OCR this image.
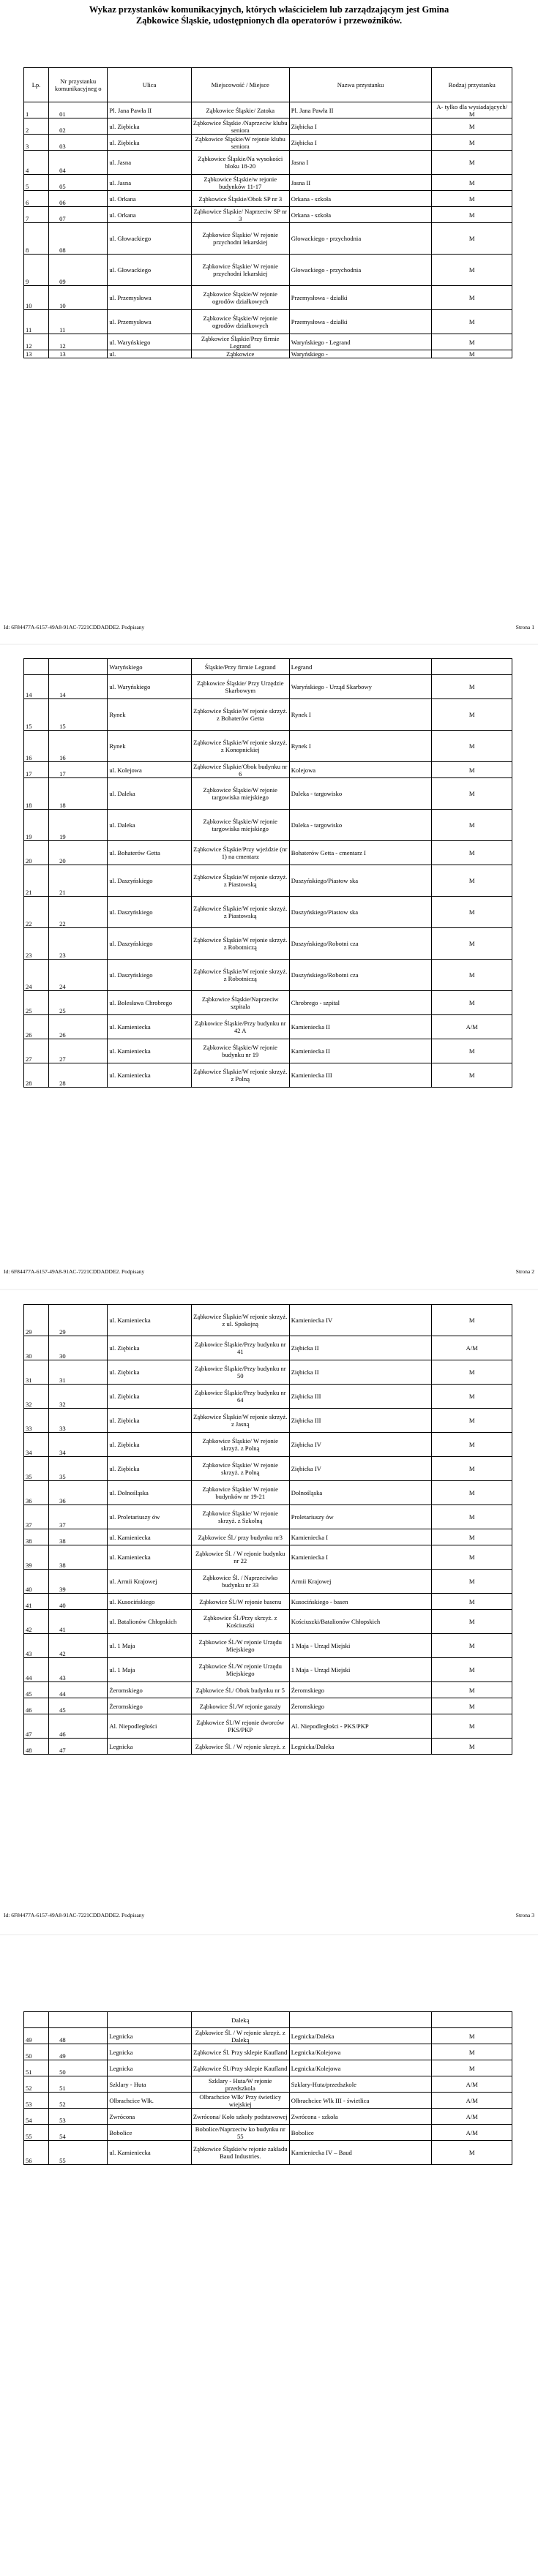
Wykaz przystanków komunikacyjnych, których właścicielem lub zarządzającym jest Gmina
Ząbkowice Śląskie, udostępnionych dla operatorów i przewoźników.
Lp.	Nr przystanku komunikacyjneg o	Ulica	Miejscowość / Miejsce	Nazwa przystanku	Rodzaj przystanku
1	01	Pl. Jana Pawła II	Ząbkowice Śląskie/ Zatoka	Pl. Jana Pawła II	A- tylko dla wysiadających/ M
2	02	ul. Ziębicka	Ząbkowice Śląskie /Naprzeciw klubu seniora	Ziębicka I	M
3	03	ul. Ziębicka	Ząbkowice Śląskie/W rejonie klubu seniora	Ziębicka I	M
4	04	ul. Jasna	Ząbkowice Śląskie/Na wysokości bloku 18-20	Jasna I	M
5	05	ul. Jasna	Ząbkowice Śląskie/w rejonie budynków 11-17	Jasna II	M
6	06	ul. Orkana	Ząbkowice Śląskie/Obok SP nr 3	Orkana - szkoła	M
7	07	ul. Orkana	Ząbkowice Śląskie/ Naprzeciw SP nr 3	Orkana - szkoła	M
8	08	ul. Głowackiego	Ząbkowice Śląskie/ W rejonie przychodni lekarskiej	Głowackiego - przychodnia	M
9	09	ul. Głowackiego	Ząbkowice Śląskie/ W rejonie przychodni lekarskiej	Głowackiego - przychodnia	M
10	10	ul. Przemysłowa	Ząbkowice Śląskie/W rejonie ogrodów działkowych	Przemysłowa - działki	M
11	11	ul. Przemysłowa	Ząbkowice Śląskie/W rejonie ogrodów działkowych	Przemysłowa - działki	M
12	12	ul. Waryńskiego	Ząbkowice Śląskie/Przy firmie Legrand	Waryńskiego - Legrand	M
13	13	ul.	Ząbkowice	Waryńskiego -	M
Id: 6F84477A-6157-49A8-91AC-7221CDDADDE2. Podpisany	Strona 1
		Waryńskiego	Śląskie/Przy firmie Legrand	Legrand	
14	14	ul. Waryńskiego	Ząbkowice Śląskie/ Przy Urzędzie Skarbowym	Waryńskiego - Urząd Skarbowy	M
15	15	Rynek	Ząbkowice Śląskie/W rejonie skrzyż. z Bohaterów Getta	Rynek I	M
16	16	Rynek	Ząbkowice Śląskie/W rejonie skrzyż. z Konopnickiej	Rynek I	M
17	17	ul. Kolejowa	Ząbkowice Śląskie/Obok budynku nr 6	Kolejowa	M
18	18	ul. Daleka	Ząbkowice Śląskie/W rejonie targowiska miejskiego	Daleka - targowisko	M
19	19	ul. Daleka	Ząbkowice Śląskie/W rejonie targowiska miejskiego	Daleka - targowisko	M
20	20	ul. Bohaterów Getta	Ząbkowice Śląskie/Przy wjeździe (nr 1) na cmentarz	Bohaterów Getta - cmentarz I	M
21	21	ul. Daszyńskiego	Ząbkowice Śląskie/W rejonie skrzyż. z Piastowską	Daszyńskiego/Piastow ska	M
22	22	ul. Daszyńskiego	Ząbkowice Śląskie/W rejonie skrzyż. z Piastowską	Daszyńskiego/Piastow ska	M
23	23	ul. Daszyńskiego	Ząbkowice Śląskie/W rejonie skrzyż. z Robotniczą	Daszyńskiego/Robotni cza	M
24	24	ul. Daszyńskiego	Ząbkowice Śląskie/W rejonie skrzyż. z Robotniczą	Daszyńskiego/Robotni cza	M
25	25	ul. Bolesława Chrobrego	Ząbkowice Śląskie/Naprzeciw szpitala	Chrobrego - szpital	M
26	26	ul. Kamieniecka	Ząbkowice Śląskie/Przy budynku nr 42 A	Kamieniecka II	A/M
27	27	ul. Kamieniecka	Ząbkowice Śląskie/W rejonie budynku nr 19	Kamieniecka II	M
28	28	ul. Kamieniecka	Ząbkowice Śląskie/W rejonie skrzyż. z Polną	Kamieniecka III	M
Id: 6F84477A-6157-49A8-91AC-7221CDDADDE2. Podpisany	Strona 2
29	29	ul. Kamieniecka	Ząbkowice Śląskie/W rejonie skrzyż. z ul. Spokojną	Kamieniecka IV	M
30	30	ul. Ziębicka	Ząbkowice Śląskie/Przy budynku nr 41	Ziębicka II	A/M
31	31	ul. Ziębicka	Ząbkowice Śląskie/Przy budynku nr 50	Ziębicka II	M
32	32	ul. Ziębicka	Ząbkowice Śląskie/Przy budynku nr 64	Ziębicka III	M
33	33	ul. Ziębicka	Ząbkowice Śląskie/W rejonie skrzyż. z Jasną	Ziębicka III	M
34	34	ul. Ziębicka	Ząbkowice Śląskie/ W rejonie skrzyż. z Polną	Ziębicka IV	M
35	35	ul. Ziębicka	Ząbkowice Śląskie/ W rejonie skrzyż. z Polną	Ziębicka IV	M
36	36	ul. Dolnośląska	Ząbkowice Śląskie/ W rejonie budynków nr 19-21	Dolnośląska	M
37	37	ul. Proletariuszy ów	Ząbkowice Śląskie/ W rejonie skrzyż. z Szkolną	Proletariuszy ów	M
38	38	ul. Kamieniecka	Ząbkowice Śl./ przy budynku nr3	Kamieniecka I	M
39	38	ul. Kamieniecka	Ząbkowice Śl. / W rejonie budynku nr 22	Kamieniecka I	M
40	39	ul. Armii Krajowej	Ząbkowice Śl. / Naprzeciwko budynku nr 33	Armii Krajowej	M
41	40	ul. Kusocińskiego	Ząbkowice Śl./W rejonie basenu	Kusocińskiego - basen	M
42	41	ul. Batalionów Chłopskich	Ząbkowice Śl./Przy skrzyż. z Kościuszki	Kościuszki/Batalionów Chłopskich	M
43	42	ul. 1 Maja	Ząbkowice Śl./W rejonie Urzędu Miejskiego	1 Maja - Urząd Miejski	M
44	43	ul. 1 Maja	Ząbkowice Śl./W rejonie Urzędu Miejskiego	1 Maja - Urząd Miejski	M
45	44	Żeromskiego	Ząbkowice Śl./ Obok budynku nr 5	Żeromskiego	M
46	45	Żeromskiego	Ząbkowice Śl./W rejonie garaży	Żeromskiego	M
47	46	Al. Niepodległości	Ząbkowice Śl./W rejonie dworców PKS/PKP	Al. Niepodległości - PKS/PKP	M
48	47	Legnicka	Ząbkowice Śl. / W rejonie skrzyż. z	Legnicka/Daleka	M
Id: 6F84477A-6157-49A8-91AC-7221CDDADDE2. Podpisany	Strona 3
			Daleką		
49	48	Legnicka	Ząbkowice Śl. / W rejonie skrzyż. z Daleką	Legnicka/Daleka	M
50	49	Legnicka	Ząbkowice Śl. Przy sklepie Kaufland	Legnicka/Kolejowa	M
51	50	Legnicka	Ząbkowice Śl./Przy sklepie Kaufland	Legnicka/Kolejowa	M
52	51	Szklary - Huta	Szklary - Huta/W rejonie przedszkola	Szklary-Huta/przedszkole	A/M
53	52	Olbrachcice Wlk.	Olbrachcice Wlk/ Przy świetlicy wiejskiej	Olbrachcice Wlk III - świetlica	A/M
54	53	Zwrócona	Zwrócona/ Koło szkoły podstawowej	Zwrócona - szkoła	A/M
55	54	Bobolice	Bobolice/Naprzeciw ko budynku nr 55	Bobolice	A/M
56	55	ul. Kamieniecka	Ząbkowice Śląskie/w rejonie zakładu Baud Industries.	Kamieniecka IV – Baud	M
